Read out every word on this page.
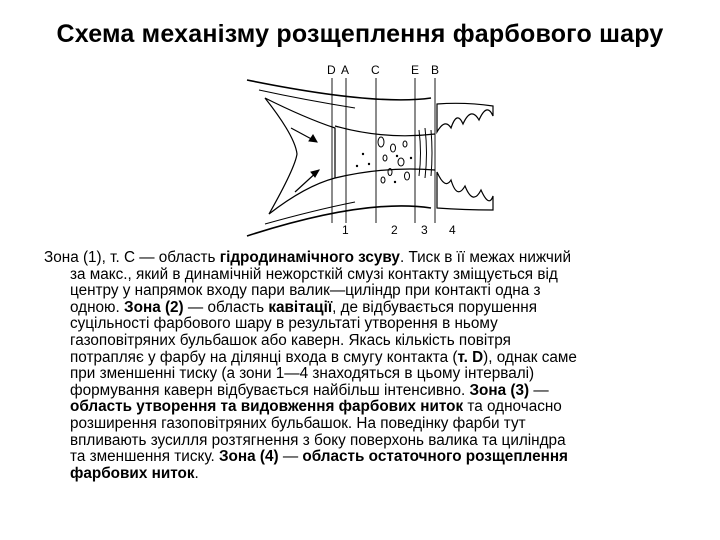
Схема механізму розщеплення фарбового шару
D A C	E B
1	2 3 4

Зона (1), т. С — область гідродинамічного зсуву. Тиск в її межах нижчий
за макс., який в динамічній нежорсткій смузі контакту зміщується від
центру у напрямок входу пари валик—циліндр при контакті одна з
одною. Зона (2) — область кавітації, де відбувається порушення
суцільності фарбового шару в результаті утворення в ньому
газоповітряних бульбашок або каверн. Якась кількість повітря
потрапляє у фарбу на ділянці входа в смугу контакта (т. D), однак саме
при зменшенні тиску (а зони 1—4 знаходяться в цьому інтервалі)
формування каверн відбувається найбільш інтенсивно. Зона (3) —
область утворення та видовження фарбових ниток та одночасно
розширення газоповітряних бульбашок. На поведінку фарби тут
впливають зусилля розтягнення з боку поверхонь валика та циліндра
та зменшення тиску. Зона (4) — область остаточного розщеплення
фарбових ниток.
